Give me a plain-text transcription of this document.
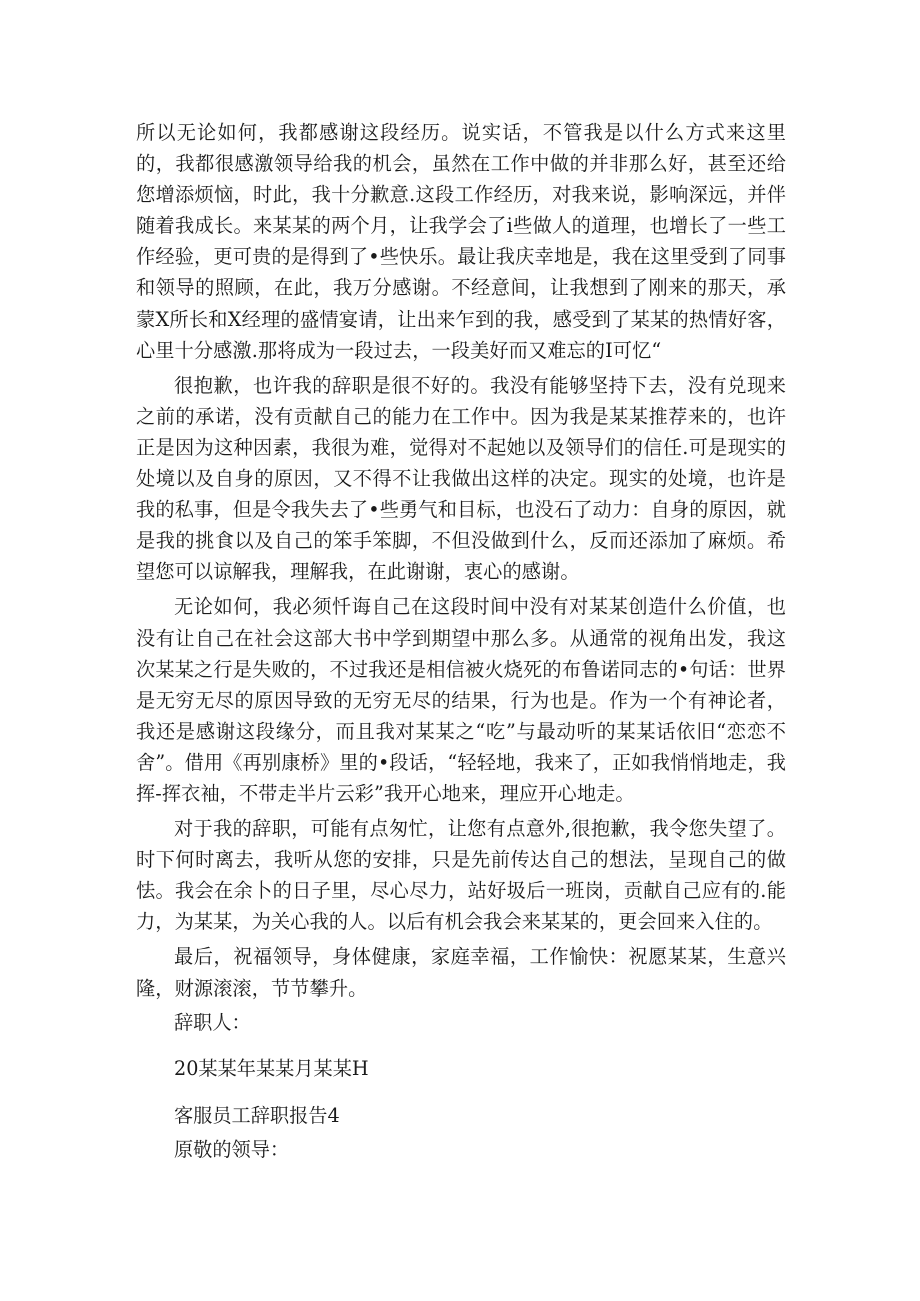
所以无论如何，我都感谢这段经历。说实话，不管我是以什么方式来这里的，我都很感激领导给我的机会，虽然在工作中做的并非那么好，甚至还给您增添烦恼，时此，我十分歉意.这段工作经历，对我来说，影响深远，并伴随着我成长。来某某的两个月，让我学会了i些做人的道理，也增长了一些工作经验，更可贵的是得到了•些快乐。最让我庆幸地是，我在这里受到了同事和领导的照顾，在此，我万分感谢。不经意间，让我想到了刚来的那天，承蒙X所长和X经理的盛情宴请，让出来乍到的我，感受到了某某的热情好客，心里十分感激.那将成为一段过去，一段美好而又难忘的I可忆“

很抱歉，也许我的辞职是很不好的。我没有能够坚持下去，没有兑现来之前的承诺，没有贡献自己的能力在工作中。因为我是某某推荐来的，也许正是因为这种因素，我很为难，觉得对不起她以及领导们的信任.可是现实的处境以及自身的原因，又不得不让我做出这样的决定。现实的处境，也许是我的私事，但是令我失去了•些勇气和目标，也没石了动力：自身的原因，就是我的挑食以及自己的笨手笨脚，不但没做到什么，反而还添加了麻烦。希望您可以谅解我，理解我，在此谢谢，衷心的感谢。

无论如何，我必须忏诲自己在这段时间中没有对某某创造什么价值，也没有让自己在社会这部大书中学到期望中那么多。从通常的视角出发，我这次某某之行是失败的，不过我还是相信被火烧死的布鲁诺同志的•句话：世界是无穷无尽的原因导致的无穷无尽的结果，行为也是。作为一个有神论者，我还是感谢这段缘分，而且我对某某之“吃”与最动听的某某话依旧“恋恋不舍”。借用《再别康桥》里的•段话，“轻轻地，我来了，正如我悄悄地走，我挥-挥衣袖，不带走半片云彩”我开心地来，理应开心地走。

对于我的辞职，可能有点匆忙，让您有点意外,很抱歉，我令您失望了。时下何时离去，我听从您的安排，只是先前传达自己的想法，呈现自己的做怯。我会在余卜的日子里，尽心尽力，站好圾后一班岗，贡献自己应有的.能力，为某某，为关心我的人。以后有机会我会来某某的，更会回来入住的。

最后，祝福领导，身体健康，家庭幸福，工作愉快：祝愿某某，生意兴隆，财源滚滚，节节攀升。

辞职人：

20某某年某某月某某H

客服员工辞职报告4

原敬的领导：
